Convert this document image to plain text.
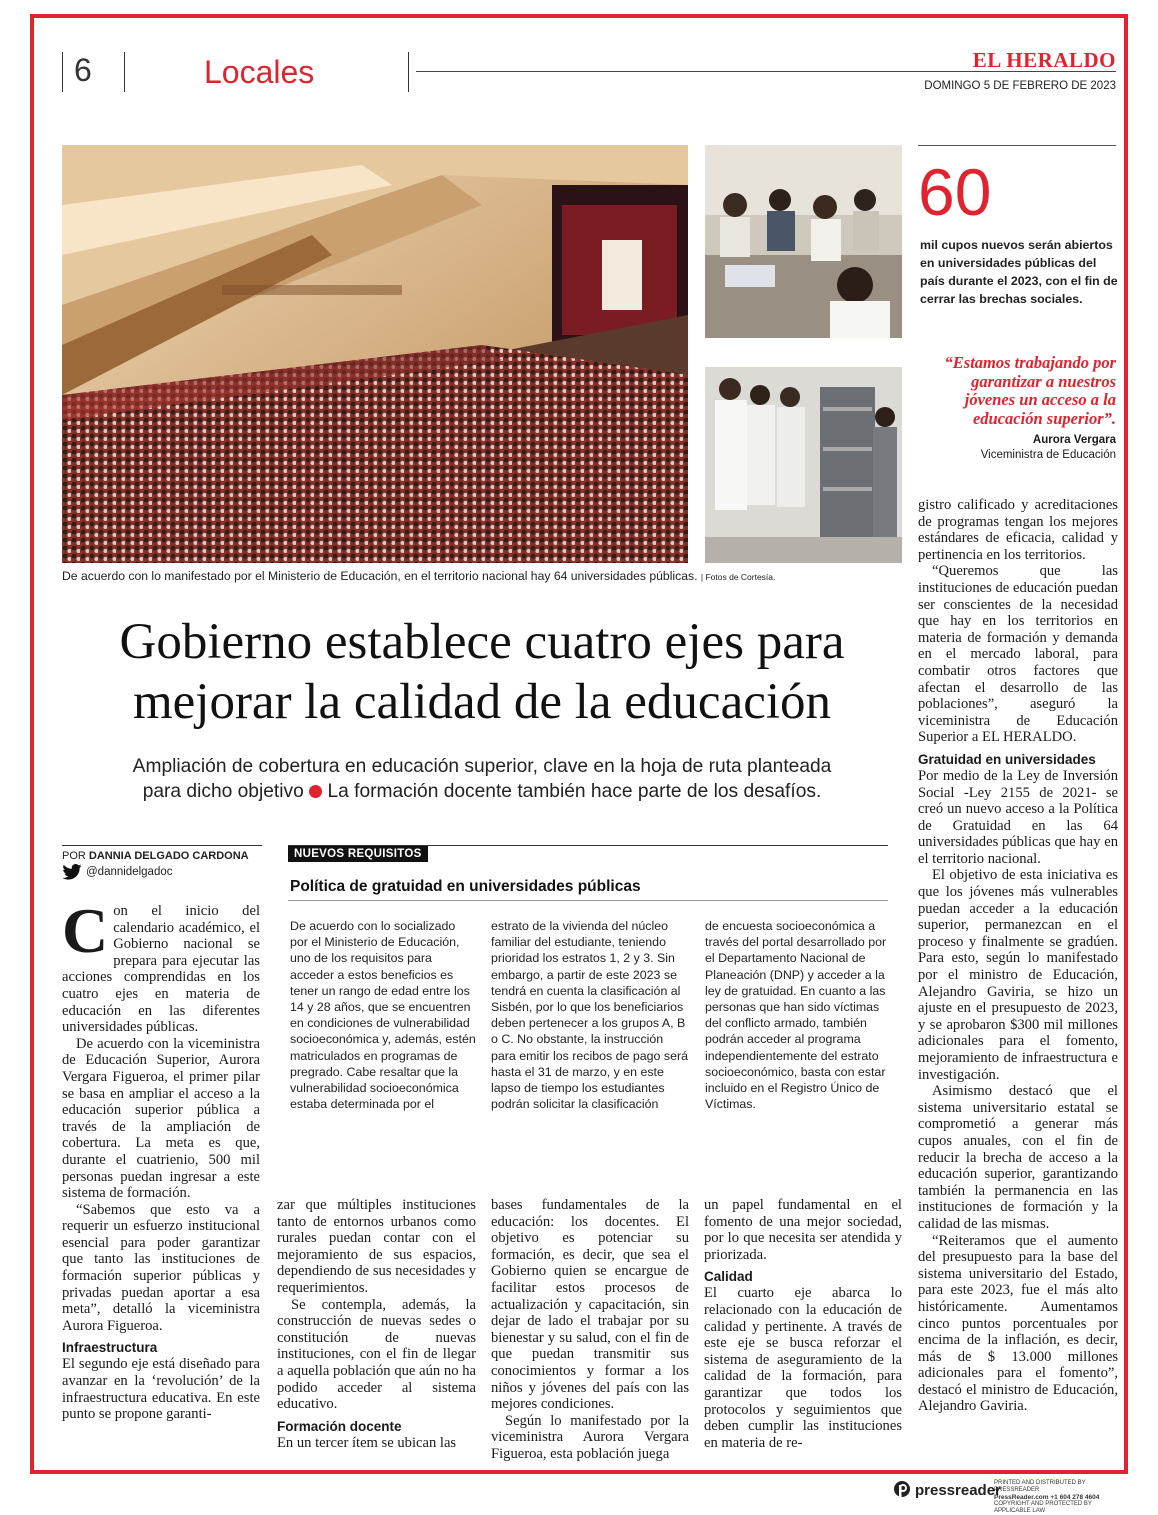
6	Locales	EL HERALDO
DOMINGO 5 DE FEBRERO DE 2023
De acuerdo con lo manifestado por el Ministerio de Educación, en el territorio nacional hay 64 universidades públicas. | Fotos de Cortesía.
60
mil cupos nuevos serán abiertos en universidades públicas del país durante el 2023, con el fin de cerrar las brechas sociales.
“Estamos trabajando por garantizar a nuestros jóvenes un acceso a la educación superior”.
Aurora Vergara
Viceministra de Educación
Gobierno establece cuatro ejes para
mejorar la calidad de la educación
Ampliación de cobertura en educación superior, clave en la hoja de ruta planteada
para dicho objetivo La formación docente también hace parte de los desafíos.
POR DANNIA DELGADO CARDONA
@dannidelgadoc

Con el inicio del calendario académico, el Gobierno nacional se prepara para ejecutar las acciones comprendidas en los cuatro ejes en materia de educación en las diferentes universidades públicas.

De acuerdo con la viceministra de Educación Superior, Aurora Vergara Figueroa, el primer pilar se basa en ampliar el acceso a la educación superior pública a través de la ampliación de cobertura. La meta es que, durante el cuatrienio, 500 mil personas puedan ingresar a este sistema de formación.

“Sabemos que esto va a requerir un esfuerzo institucional esencial para poder garantizar que tanto las instituciones de formación superior públicas y privadas puedan aportar a esa meta”, detalló la viceministra Aurora Figueroa.

Infraestructura

El segundo eje está diseñado para avanzar en la ‘revolución’ de la infraestructura educativa. En este punto se propone garanti-

NUEVOS REQUISITOS
Política de gratuidad en universidades públicas

De acuerdo con lo socializado por el Ministerio de Educación, uno de los requisitos para acceder a estos beneficios es tener un rango de edad entre los 14 y 28 años, que se encuentren en condiciones de vulnerabilidad socioeconómica y, además, estén matriculados en programas de pregrado. Cabe resaltar que la vulnerabilidad socioeconómica estaba determinada por el

estrato de la vivienda del núcleo familiar del estudiante, teniendo prioridad los estratos 1, 2 y 3. Sin embargo, a partir de este 2023 se tendrá en cuenta la clasificación al Sisbén, por lo que los beneficiarios deben pertenecer a los grupos A, B o C. No obstante, la instrucción para emitir los recibos de pago será hasta el 31 de marzo, y en este lapso de tiempo los estudiantes podrán solicitar la clasificación

de encuesta socioeconómica a través del portal desarrollado por el Departamento Nacional de Planeación (DNP) y acceder a la ley de gratuidad. En cuanto a las personas que han sido víctimas del conflicto armado, también podrán acceder al programa independientemente del estrato socioeconómico, basta con estar incluido en el Registro Único de Víctimas.

zar que múltiples instituciones tanto de entornos urbanos como rurales puedan contar con el mejoramiento de sus espacios, dependiendo de sus necesidades y requerimientos.

Se contempla, además, la construcción de nuevas sedes o constitución de nuevas instituciones, con el fin de llegar a aquella población que aún no ha podido acceder al sistema educativo.

Formación docente

En un tercer ítem se ubican las

bases fundamentales de la educación: los docentes. El objetivo es potenciar su formación, es decir, que sea el Gobierno quien se encargue de facilitar estos procesos de actualización y capacitación, sin dejar de lado el trabajar por su bienestar y su salud, con el fin de que puedan transmitir sus conocimientos y formar a los niños y jóvenes del país con las mejores condiciones.

Según lo manifestado por la viceministra Aurora Vergara Figueroa, esta población juega

un papel fundamental en el fomento de una mejor sociedad, por lo que necesita ser atendida y priorizada.

Calidad

El cuarto eje abarca lo relacionado con la educación de calidad y pertinente. A través de este eje se busca reforzar el sistema de aseguramiento de la calidad de la formación, para garantizar que todos los protocolos y seguimientos que deben cumplir las instituciones en materia de re-

gistro calificado y acreditaciones de programas tengan los mejores estándares de eficacia, calidad y pertinencia en los territorios.

“Queremos que las instituciones de educación puedan ser conscientes de la necesidad que hay en los territorios en materia de formación y demanda en el mercado laboral, para combatir otros factores que afectan el desarrollo de las poblaciones”, aseguró la viceministra de Educación Superior a EL HERALDO.

Gratuidad en universidades

Por medio de la Ley de Inversión Social -Ley 2155 de 2021- se creó un nuevo acceso a la Política de Gratuidad en las 64 universidades públicas que hay en el territorio nacional.

El objetivo de esta iniciativa es que los jóvenes más vulnerables puedan acceder a la educación superior, permanezcan en el proceso y finalmente se gradúen. Para esto, según lo manifestado por el ministro de Educación, Alejandro Gaviria, se hizo un ajuste en el presupuesto de 2023, y se aprobaron $300 mil millones adicionales para el fomento, mejoramiento de infraestructura e investigación.

Asimismo destacó que el sistema universitario estatal se comprometió a generar más cupos anuales, con el fin de reducir la brecha de acceso a la educación superior, garantizando también la permanencia en las instituciones de formación y la calidad de las mismas.

“Reiteramos que el aumento del presupuesto para la base del sistema universitario del Estado, para este 2023, fue el más alto históricamente. Aumentamos cinco puntos porcentuales por encima de la inflación, es decir, más de $ 13.000 millones adicionales para el fomento”, destacó el ministro de Educación, Alejandro Gaviria.

pressreader
PRINTED AND DISTRIBUTED BY PRESSREADER
PressReader.com +1 604 278 4604
COPYRIGHT AND PROTECTED BY APPLICABLE LAW
